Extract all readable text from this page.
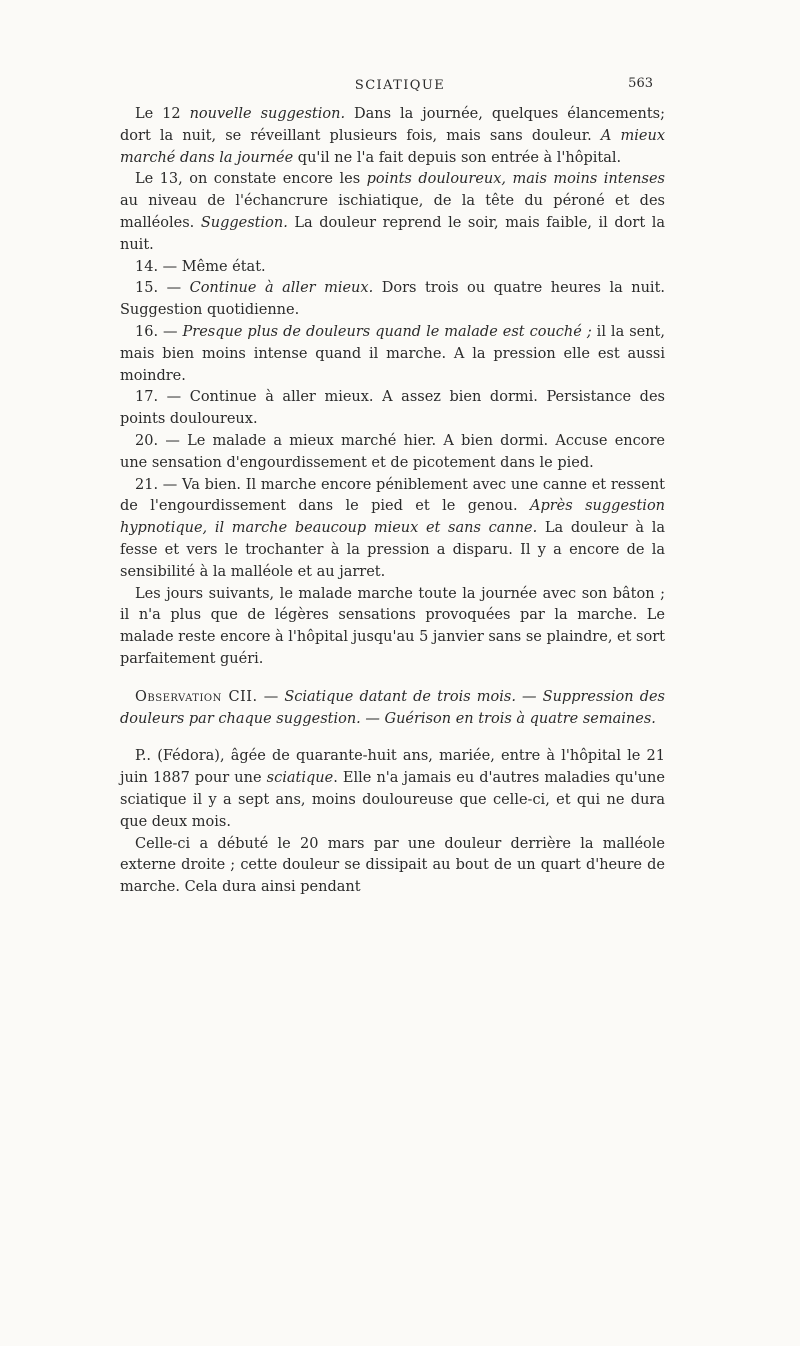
SCIATIQUE	563

Le 12 nouvelle suggestion. Dans la journée, quelques élancements; dort la nuit, se réveillant plusieurs fois, mais sans douleur. A mieux marché dans la journée qu'il ne l'a fait depuis son entrée à l'hôpital.

Le 13, on constate encore les points douloureux, mais moins intenses au niveau de l'échancrure ischiatique, de la tête du péroné et des malléoles. Suggestion. La douleur reprend le soir, mais faible, il dort la nuit.

14. — Même état.

15. — Continue à aller mieux. Dors trois ou quatre heures la nuit. Suggestion quotidienne.

16. — Presque plus de douleurs quand le malade est couché ; il la sent, mais bien moins intense quand il marche. A la pression elle est aussi moindre.

17. — Continue à aller mieux. A assez bien dormi. Persistance des points douloureux.

20. — Le malade a mieux marché hier. A bien dormi. Accuse encore une sensation d'engourdissement et de picotement dans le pied.

21. — Va bien. Il marche encore péniblement avec une canne et ressent de l'engourdissement dans le pied et le genou. Après suggestion hypnotique, il marche beaucoup mieux et sans canne. La douleur à la fesse et vers le trochanter à la pression a disparu. Il y a encore de la sensibilité à la malléole et au jarret.

Les jours suivants, le malade marche toute la journée avec son bâton ; il n'a plus que de légères sensations provoquées par la marche. Le malade reste encore à l'hôpital jusqu'au 5 janvier sans se plaindre, et sort parfaitement guéri.

Observation CII. — Sciatique datant de trois mois. — Suppression des douleurs par chaque suggestion. — Guérison en trois à quatre semaines.

P.. (Fédora), âgée de quarante-huit ans, mariée, entre à l'hôpital le 21 juin 1887 pour une sciatique. Elle n'a jamais eu d'autres maladies qu'une sciatique il y a sept ans, moins douloureuse que celle-ci, et qui ne dura que deux mois.

Celle-ci a débuté le 20 mars par une douleur derrière la malléole externe droite ; cette douleur se dissipait au bout de un quart d'heure de marche. Cela dura ainsi pendant
